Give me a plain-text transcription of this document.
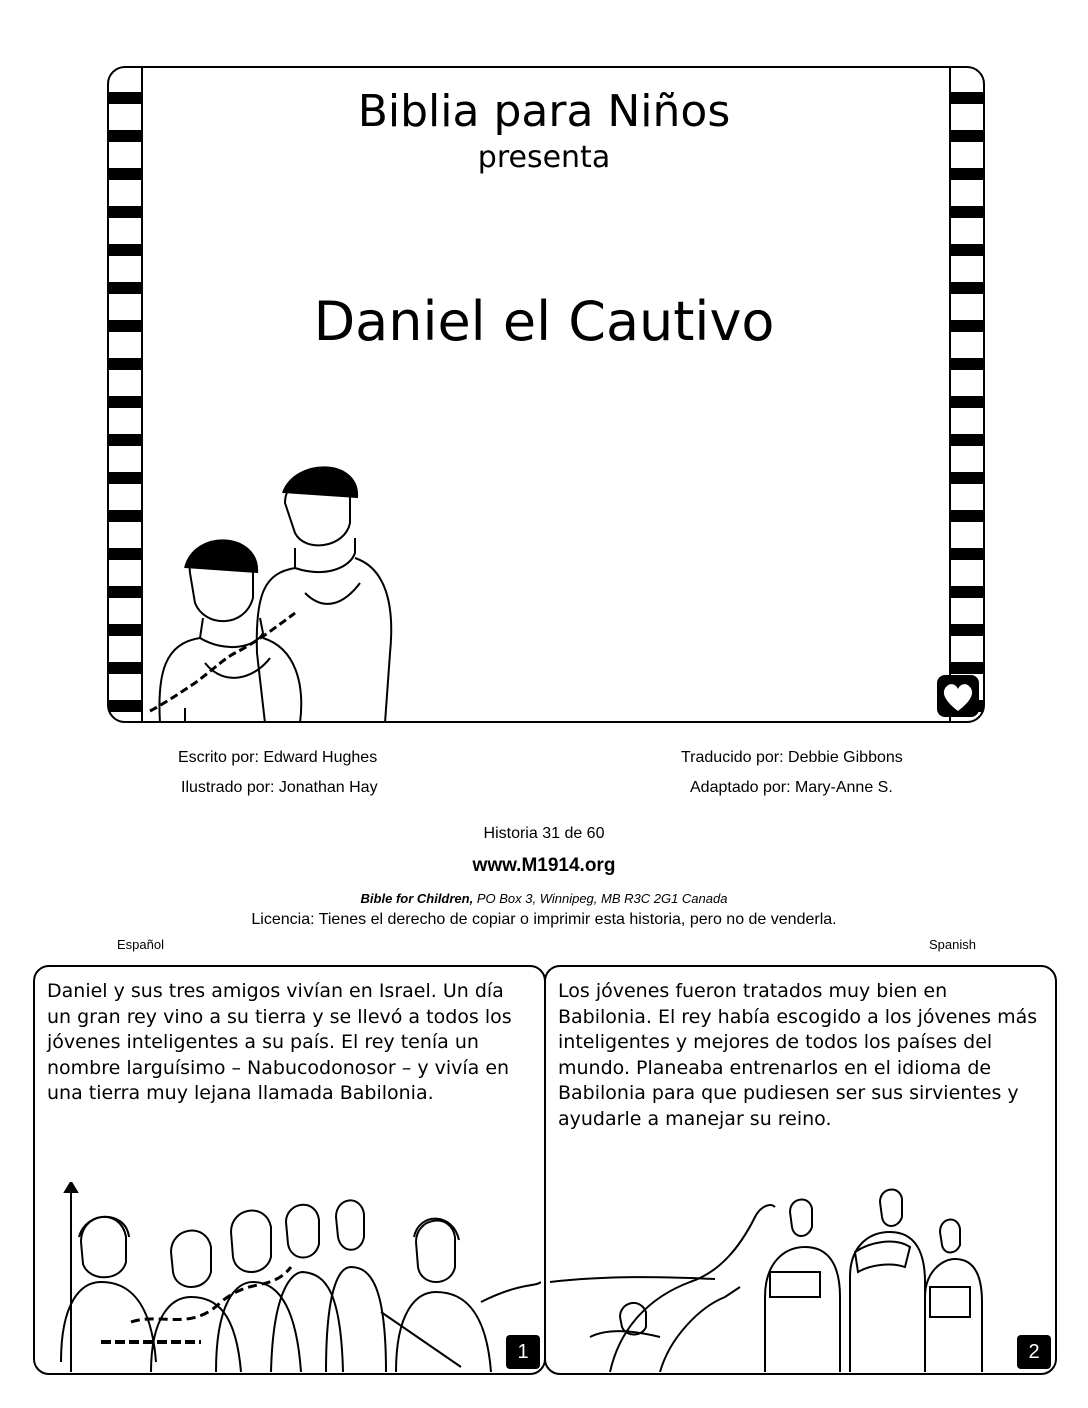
Biblia para Niños
presenta
Daniel el Cautivo
Escrito por: Edward Hughes
Ilustrado por: Jonathan Hay
Traducido por: Debbie Gibbons
Adaptado por: Mary-Anne S.
Historia 31 de 60
www.M1914.org
Bible for Children, PO Box 3, Winnipeg, MB R3C 2G1 Canada
Licencia: Tienes el derecho de copiar o imprimir esta historia, pero no de venderla.
Español	Spanish
Daniel y sus tres amigos vivían en Israel. Un día un gran rey vino a su tierra y se llevó a todos los jóvenes inteligentes a su país. El rey tenía un nombre larguísimo – Nabucodonosor – y vivía en una tierra muy lejana llamada Babilonia.
1
Los jóvenes fueron tratados muy bien en Babilonia. El rey había escogido a los jóvenes más inteligentes y mejores de todos los países del mundo. Planeaba entrenarlos en el idioma de Babilonia para que pudiesen ser sus sirvientes y ayudarle a manejar su reino.
2
